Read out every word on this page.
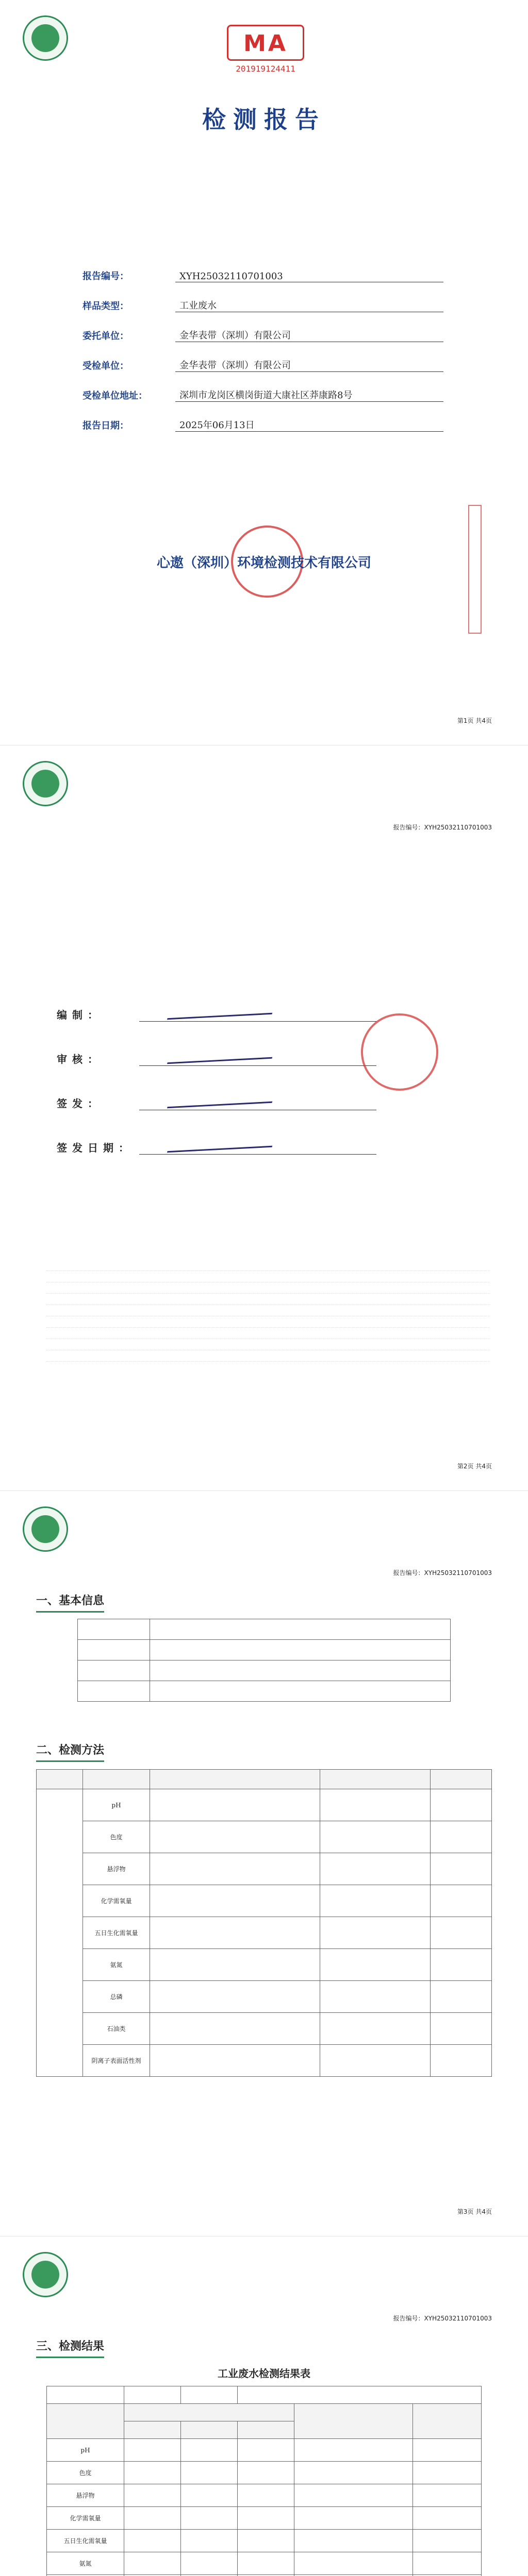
MA
201919124411
检测报告
报告编号：	XYH25032110701003
样品类型：	工业废水
委托单位：	金华表带（深圳）有限公司
受检单位：	金华表带（深圳）有限公司
受检单位地址：	深圳市龙岗区横岗街道大康社区莽康路8号
报告日期：	2025年06月13日
心遨（深圳）环境检测技术有限公司
第1页 共4页
报告编号：XYH25032110701003
编制：
审核：
签发：
签发日期：
第2页 共4页
报告编号：XYH25032110701003
一、基本信息

二、检测方法

	pH			
	色度			
	悬浮物			
	化学需氧量			
	五日生化需氧量			
	氨氮			
	总磷			
	石油类			
	阴离子表面活性剂			
第3页 共4页
报告编号：XYH25032110701003
三、检测结果
工业废水检测结果表

pH					
色度					
悬浮物					
化学需氧量					
五日生化需氧量					
氨氮					
